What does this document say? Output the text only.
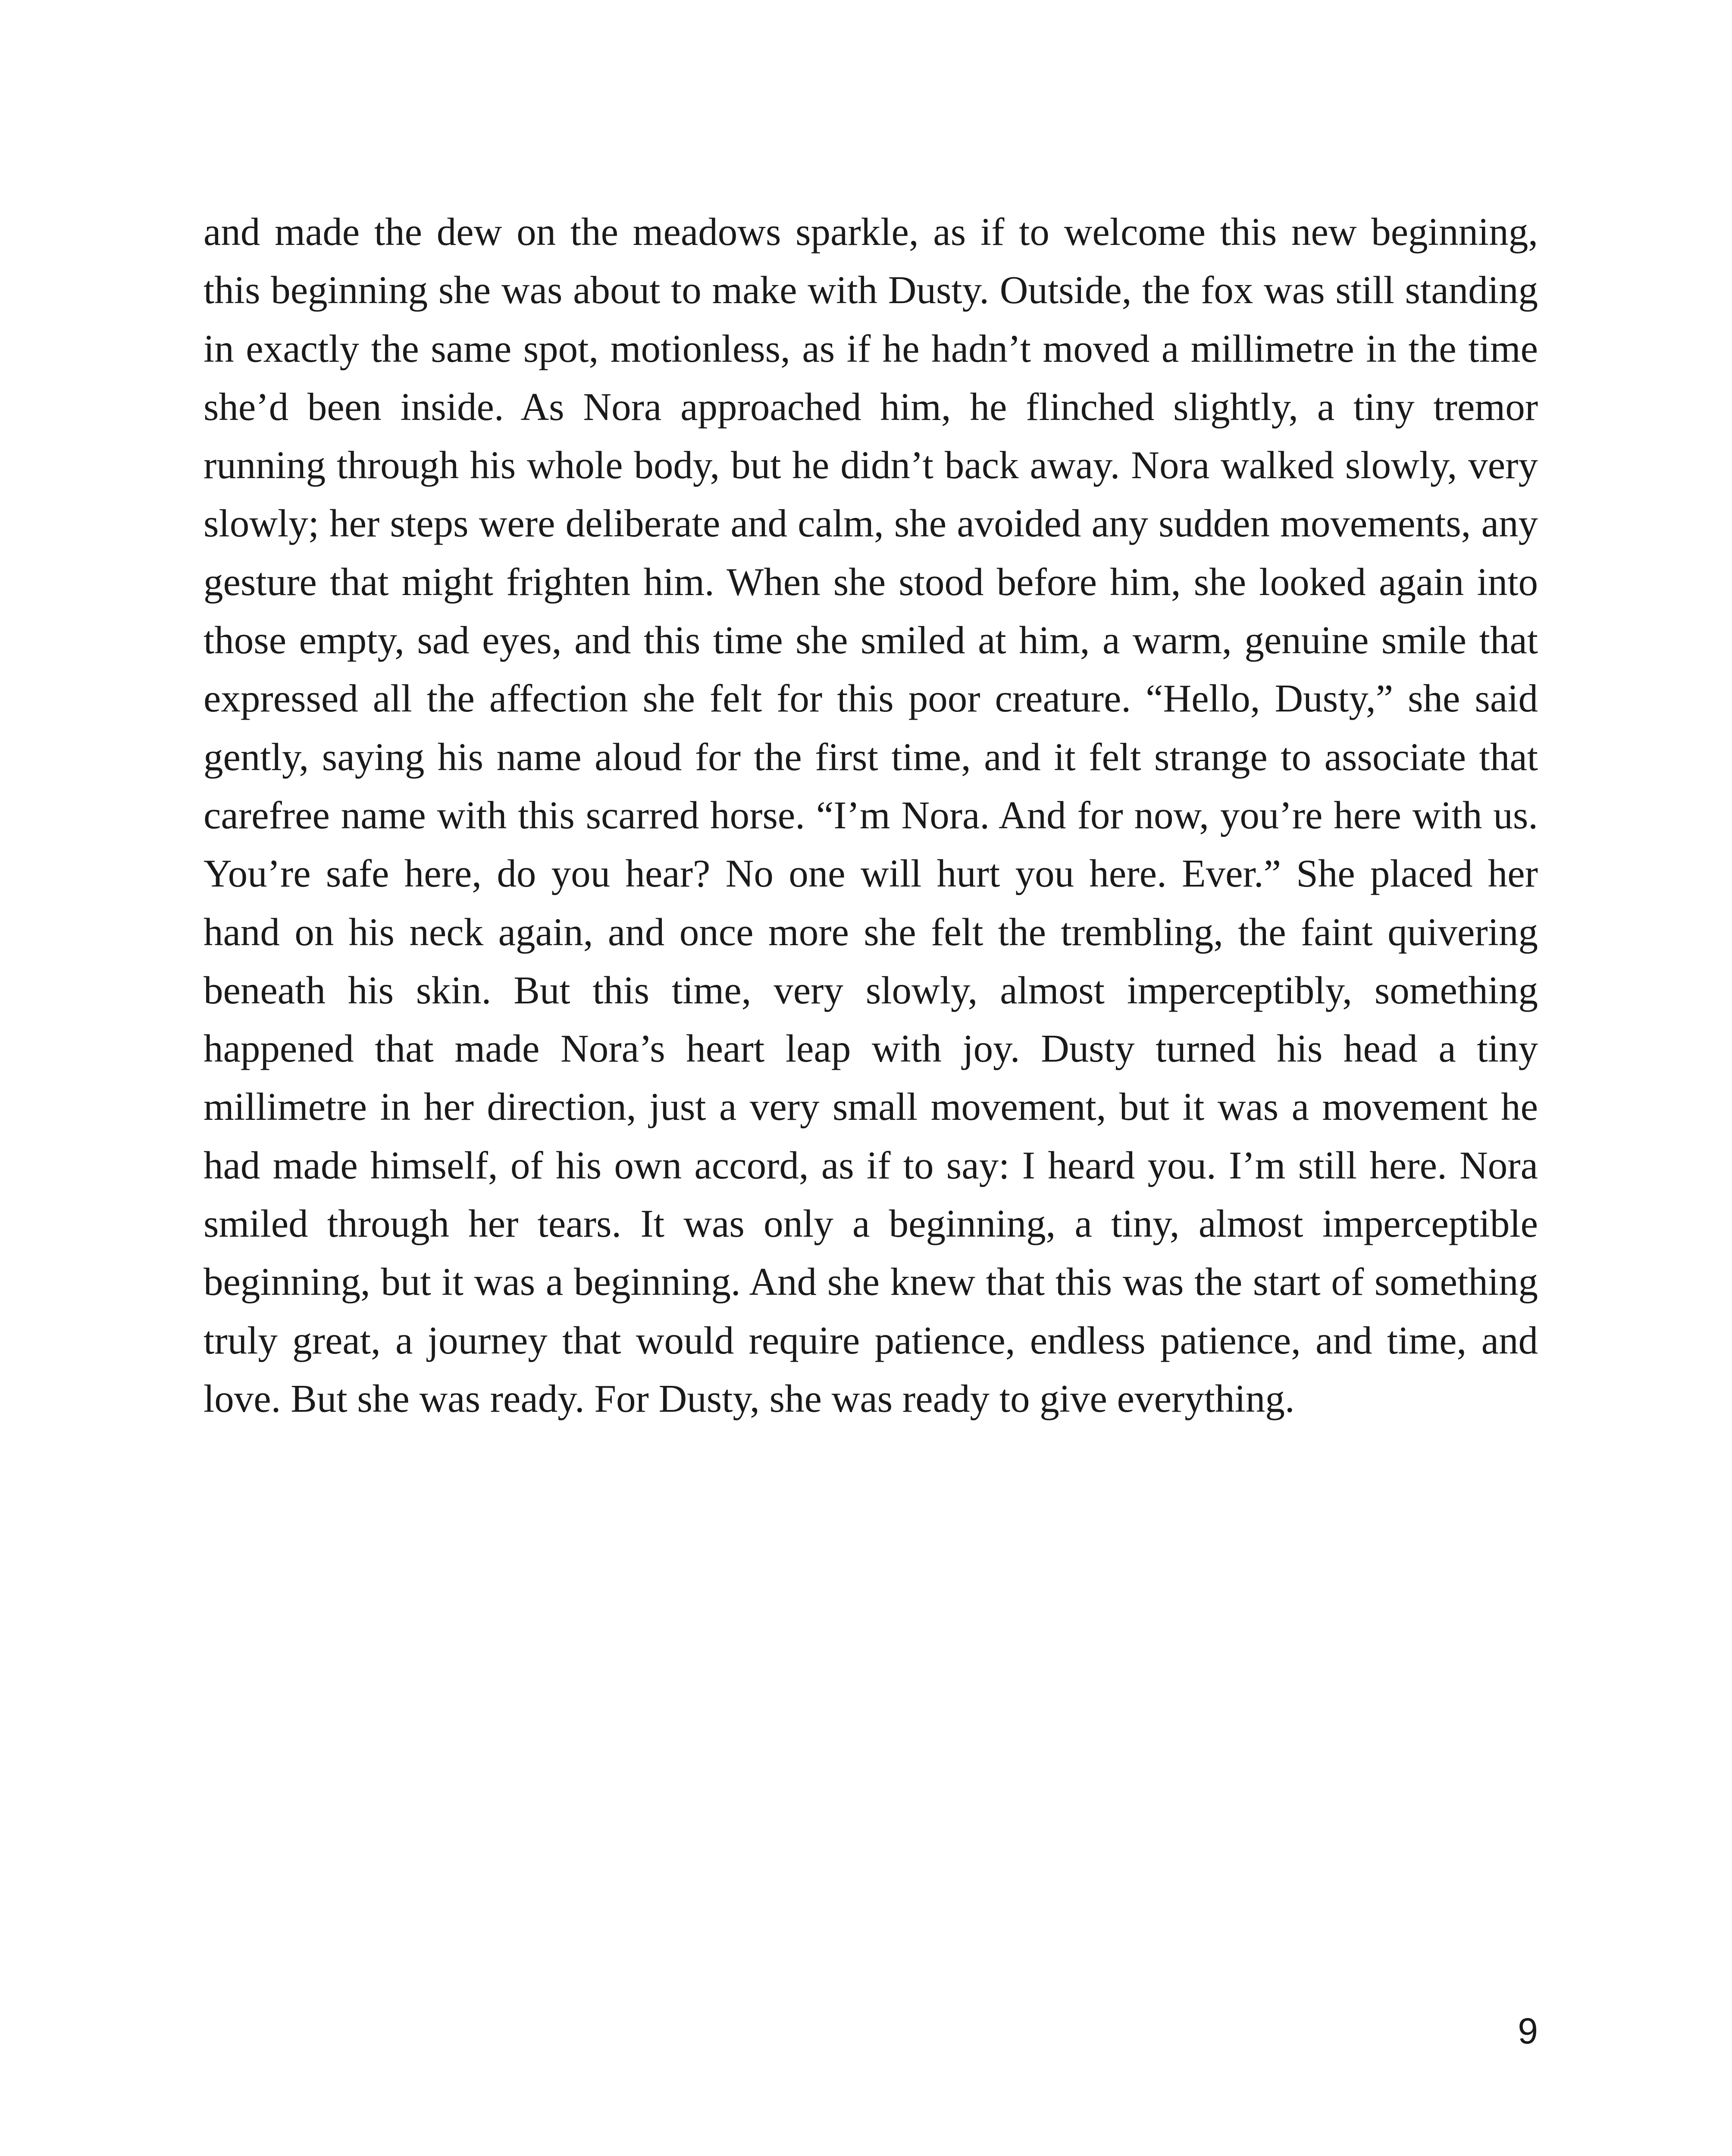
and made the dew on the meadows sparkle, as if to welcome this new beginning, this beginning she was about to make with Dusty. Outside, the fox was still standing in exactly the same spot, motionless, as if he hadn’t moved a millimetre in the time she’d been inside. As Nora approached him, he flinched slightly, a tiny tremor running through his whole body, but he didn’t back away. Nora walked slowly, very slowly; her steps were deliberate and calm, she avoided any sudden movements, any gesture that might frighten him. When she stood before him, she looked again into those empty, sad eyes, and this time she smiled at him, a warm, genuine smile that expressed all the affection she felt for this poor creature. “Hello, Dusty,” she said gently, saying his name aloud for the first time, and it felt strange to associate that carefree name with this scarred horse. “I’m Nora. And for now, you’re here with us. You’re safe here, do you hear? No one will hurt you here. Ever.” She placed her hand on his neck again, and once more she felt the trembling, the faint quivering beneath his skin. But this time, very slowly, almost imperceptibly, something happened that made Nora’s heart leap with joy. Dusty turned his head a tiny millimetre in her direction, just a very small movement, but it was a movement he had made himself, of his own accord, as if to say: I heard you. I’m still here. Nora smiled through her tears. It was only a beginning, a tiny, almost imperceptible beginning, but it was a beginning. And she knew that this was the start of something truly great, a journey that would require patience, endless patience, and time, and love. But she was ready. For Dusty, she was ready to give everything.

9
